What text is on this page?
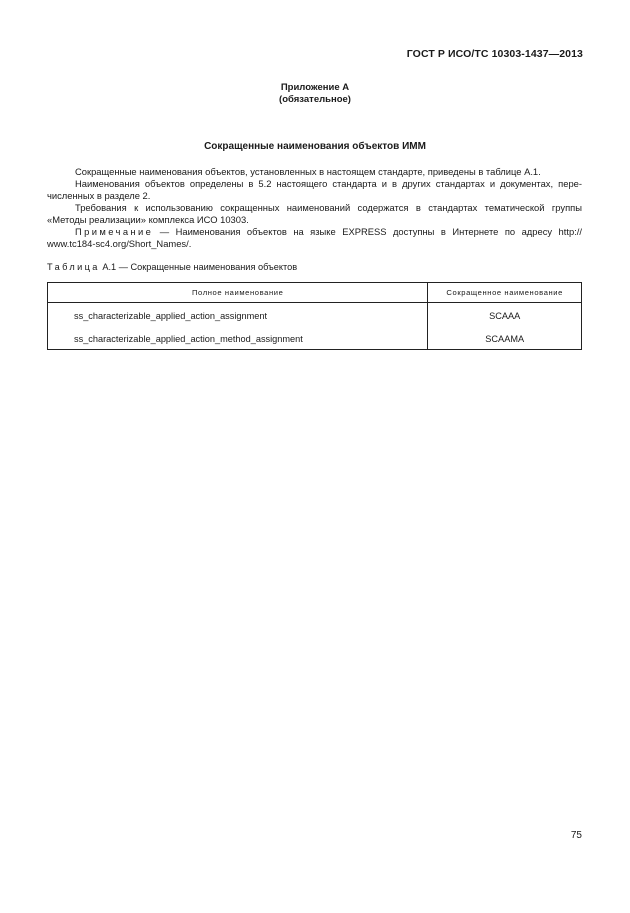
ГОСТ Р ИСО/ТС 10303-1437—2013
Приложение А
(обязательное)
Сокращенные наименования объектов ИММ
Сокращенные наименования объектов, установленных в настоящем стандарте, приведены в таблице А.1.
Наименования объектов определены в 5.2 настоящего стандарта и в других стандартах и документах, пере-
численных в разделе 2.
Требования к использованию сокращенных наименований содержатся в стандартах тематической группы
«Методы реализации» комплекса ИСО 10303.
Примечание — Наименования объектов на языке EXPRESS доступны в Интернете по адресу http://
www.tc184-sc4.org/Short_Names/.
Таблица А.1 — Сокращенные наименования объектов
Полное наименование	Сокращенное наименование
ss_characterizable_applied_action_assignment	SCAAA
ss_characterizable_applied_action_method_assignment	SCAAMA
75
